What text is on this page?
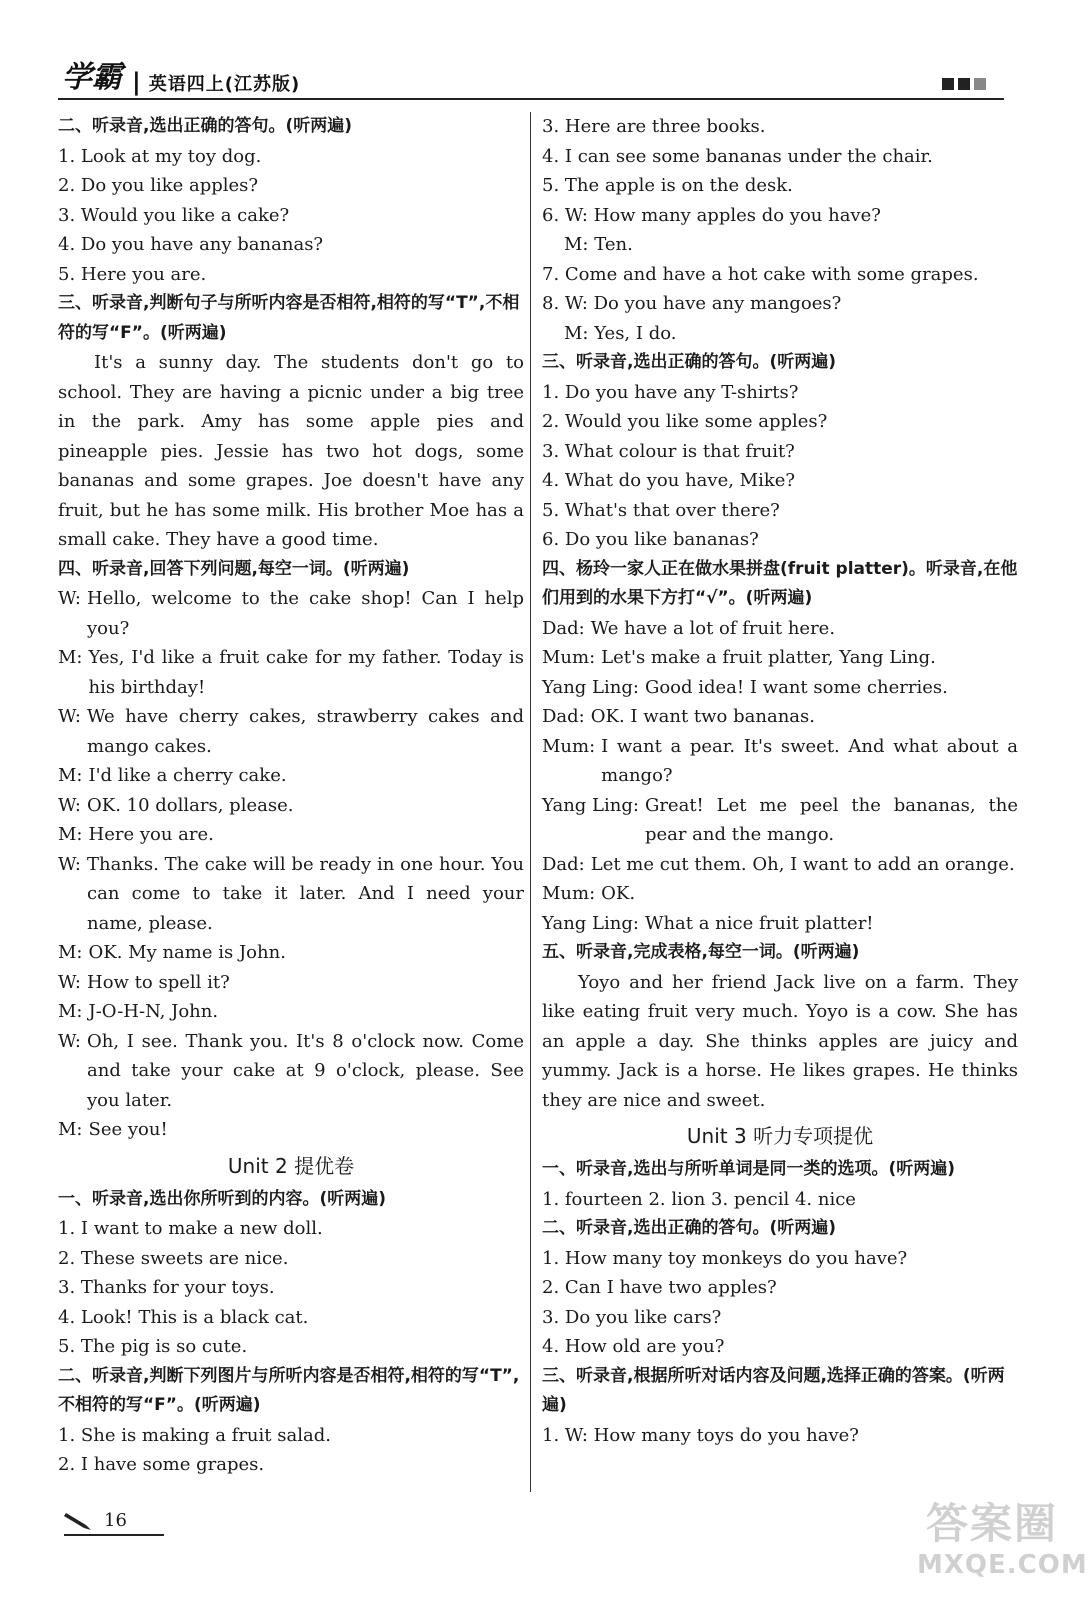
学霸 | 英语四上(江苏版)
二、听录音,选出正确的答句。(听两遍)
1. Look at my toy dog.
2. Do you like apples?
3. Would you like a cake?
4. Do you have any bananas?
5. Here you are.
三、听录音,判断句子与所听内容是否相符,相符的写“T”,不相符的写“F”。(听两遍)
It's a sunny day. The students don't go to school. They are having a picnic under a big tree in the park. Amy has some apple pies and pineapple pies. Jessie has two hot dogs, some bananas and some grapes. Joe doesn't have any fruit, but he has some milk. His brother Moe has a small cake. They have a good time.
四、听录音,回答下列问题,每空一词。(听两遍)
W: Hello, welcome to the cake shop! Can I help you?
M: Yes, I'd like a fruit cake for my father. Today is his birthday!
W: We have cherry cakes, strawberry cakes and mango cakes.
M: I'd like a cherry cake.
W: OK. 10 dollars, please.
M: Here you are.
W: Thanks. The cake will be ready in one hour. You can come to take it later. And I need your name, please.
M: OK. My name is John.
W: How to spell it?
M: J-O-H-N, John.
W: Oh, I see. Thank you. It's 8 o'clock now. Come and take your cake at 9 o'clock, please. See you later.
M: See you!
Unit 2 提优卷
一、听录音,选出你所听到的内容。(听两遍)
1. I want to make a new doll.
2. These sweets are nice.
3. Thanks for your toys.
4. Look! This is a black cat.
5. The pig is so cute.
二、听录音,判断下列图片与所听内容是否相符,相符的写“T”,不相符的写“F”。(听两遍)
1. She is making a fruit salad.
2. I have some grapes.
3. Here are three books.
4. I can see some bananas under the chair.
5. The apple is on the desk.
6. W: How many apples do you have?
M: Ten.
7. Come and have a hot cake with some grapes.
8. W: Do you have any mangoes?
M: Yes, I do.
三、听录音,选出正确的答句。(听两遍)
1. Do you have any T-shirts?
2. Would you like some apples?
3. What colour is that fruit?
4. What do you have, Mike?
5. What's that over there?
6. Do you like bananas?
四、杨玲一家人正在做水果拼盘(fruit platter)。听录音,在他们用到的水果下方打“√”。(听两遍)
Dad: We have a lot of fruit here.
Mum: Let's make a fruit platter, Yang Ling.
Yang Ling: Good idea! I want some cherries.
Dad: OK. I want two bananas.
Mum: I want a pear. It's sweet. And what about a mango?
Yang Ling: Great! Let me peel the bananas, the pear and the mango.
Dad: Let me cut them. Oh, I want to add an orange.
Mum: OK.
Yang Ling: What a nice fruit platter!
五、听录音,完成表格,每空一词。(听两遍)
Yoyo and her friend Jack live on a farm. They like eating fruit very much. Yoyo is a cow. She has an apple a day. She thinks apples are juicy and yummy. Jack is a horse. He likes grapes. He thinks they are nice and sweet.
Unit 3 听力专项提优
一、听录音,选出与所听单词是同一类的选项。(听两遍)
1. fourteen 2. lion 3. pencil 4. nice
二、听录音,选出正确的答句。(听两遍)
1. How many toy monkeys do you have?
2. Can I have two apples?
3. Do you like cars?
4. How old are you?
三、听录音,根据所听对话内容及问题,选择正确的答案。(听两遍)
1. W: How many toys do you have?
16	答案圈
MXQE.COM
